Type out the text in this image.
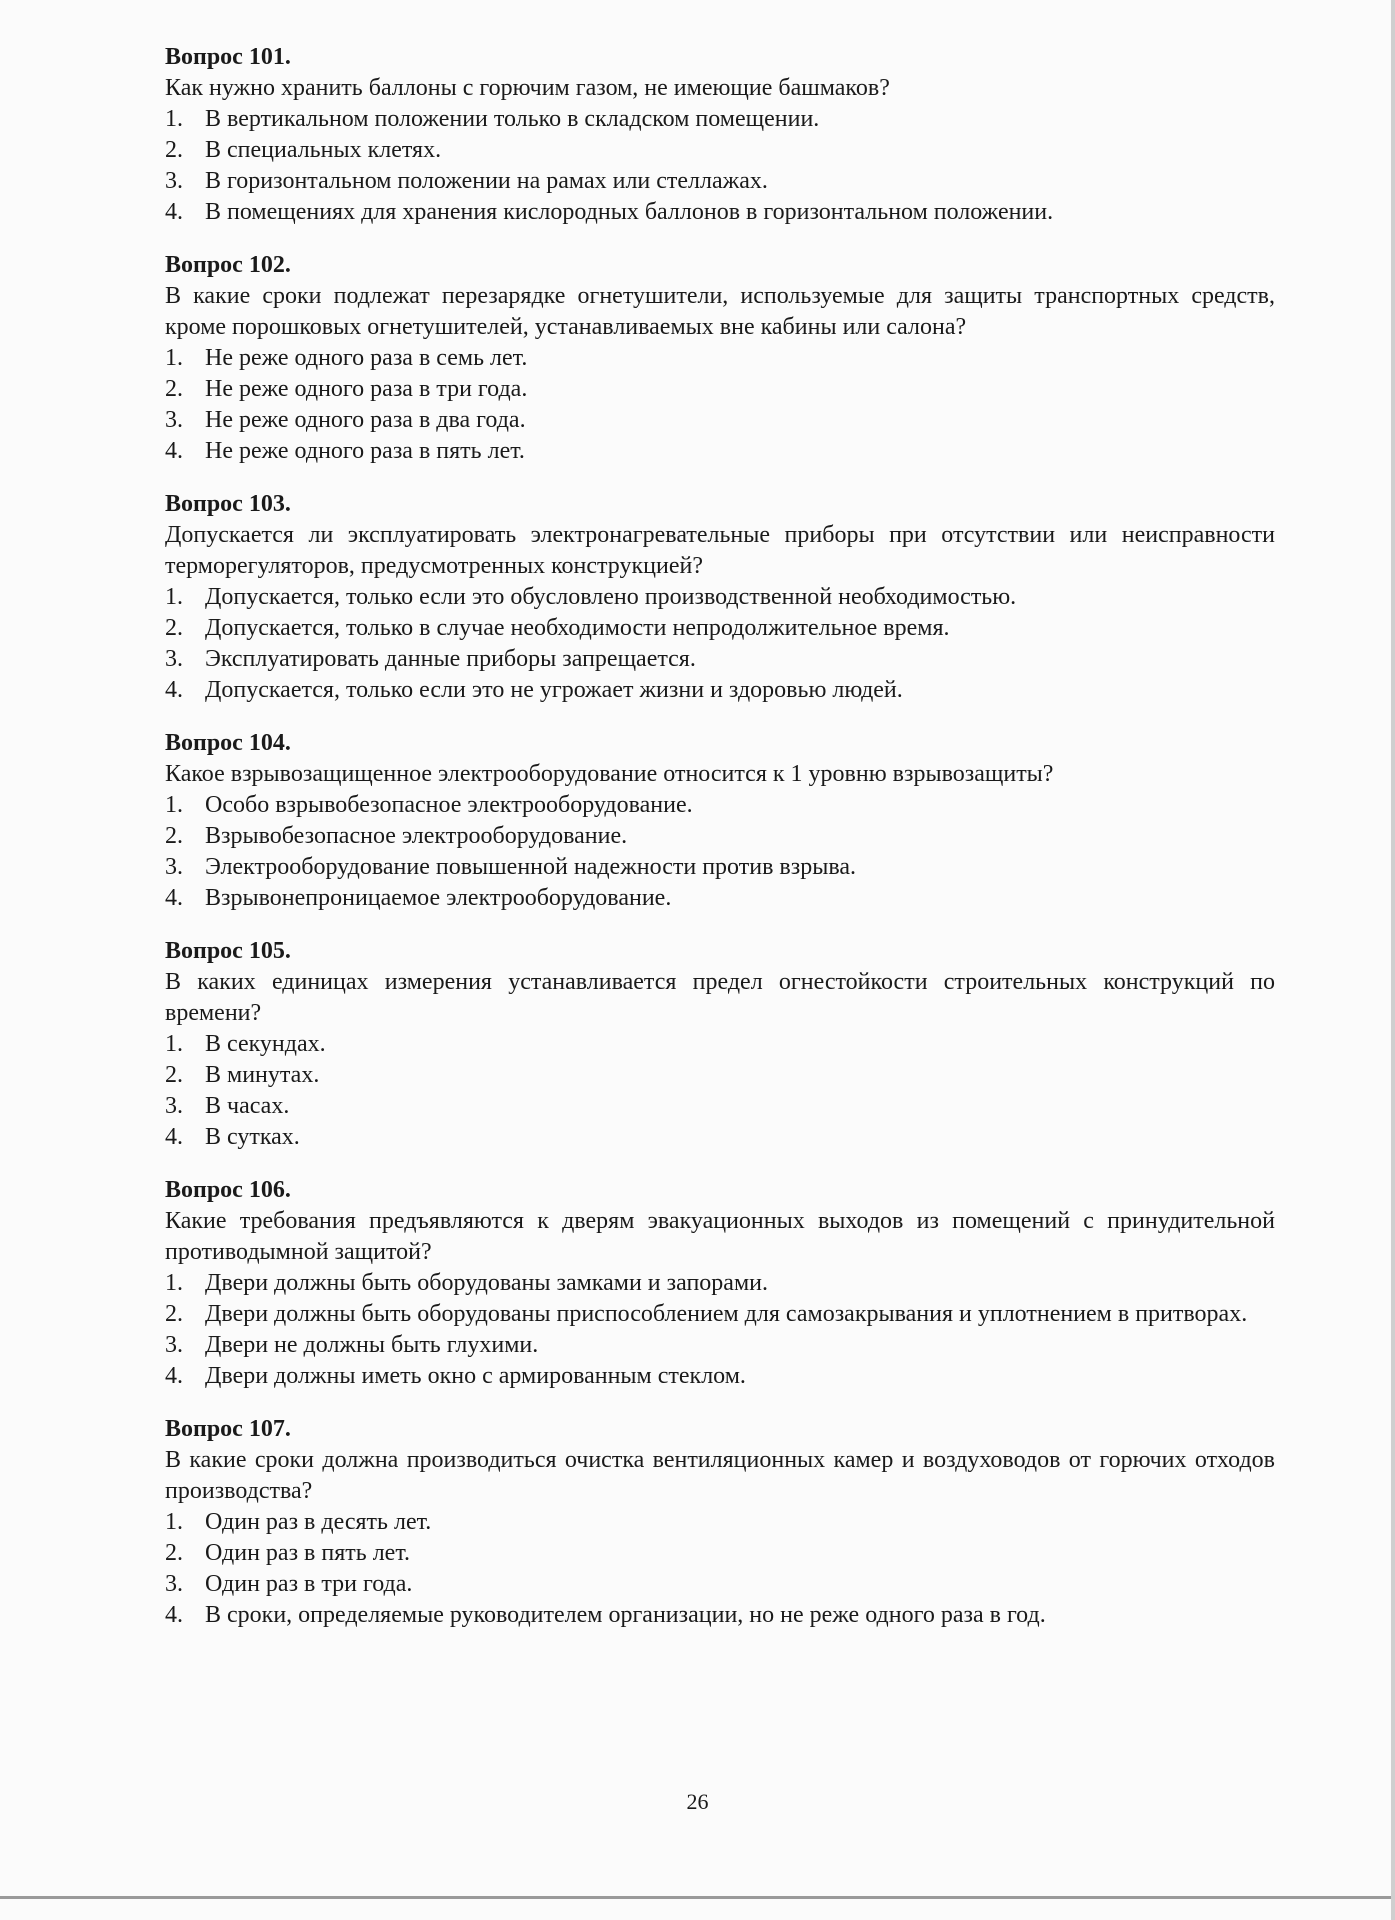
Вопрос 101.

Как нужно хранить баллоны с горючим газом, не имеющие башмаков?

1. В вертикальном положении только в складском помещении.
2. В специальных клетях.
3. В горизонтальном положении на рамах или стеллажах.
4. В помещениях для хранения кислородных баллонов в горизонтальном положении.

Вопрос 102.

В какие сроки подлежат перезарядке огнетушители, используемые для защиты транспортных средств, кроме порошковых огнетушителей, устанавливаемых вне кабины или салона?

1. Не реже одного раза в семь лет.
2. Не реже одного раза в три года.
3. Не реже одного раза в два года.
4. Не реже одного раза в пять лет.

Вопрос 103.

Допускается ли эксплуатировать электронагревательные приборы при отсутствии или неисправности терморегуляторов, предусмотренных конструкцией?

1. Допускается, только если это обусловлено производственной необходимостью.
2. Допускается, только в случае необходимости непродолжительное время.
3. Эксплуатировать данные приборы запрещается.
4. Допускается, только если это не угрожает жизни и здоровью людей.

Вопрос 104.

Какое взрывозащищенное электрооборудование относится к 1 уровню взрывозащиты?

1. Особо взрывобезопасное электрооборудование.
2. Взрывобезопасное электрооборудование.
3. Электрооборудование повышенной надежности против взрыва.
4. Взрывонепроницаемое электрооборудование.

Вопрос 105.

В каких единицах измерения устанавливается предел огнестойкости строительных конструкций по времени?

1. В секундах.
2. В минутах.
3. В часах.
4. В сутках.

Вопрос 106.

Какие требования предъявляются к дверям эвакуационных выходов из помещений с принудительной противодымной защитой?

1. Двери должны быть оборудованы замками и запорами.
2. Двери должны быть оборудованы приспособлением для самозакрывания и уплотнением в притворах.
3. Двери не должны быть глухими.
4. Двери должны иметь окно с армированным стеклом.

Вопрос 107.

В какие сроки должна производиться очистка вентиляционных камер и воздуховодов от горючих отходов производства?

1. Один раз в десять лет.
2. Один раз в пять лет.
3. Один раз в три года.
4. В сроки, определяемые руководителем организации, но не реже одного раза в год.
26
